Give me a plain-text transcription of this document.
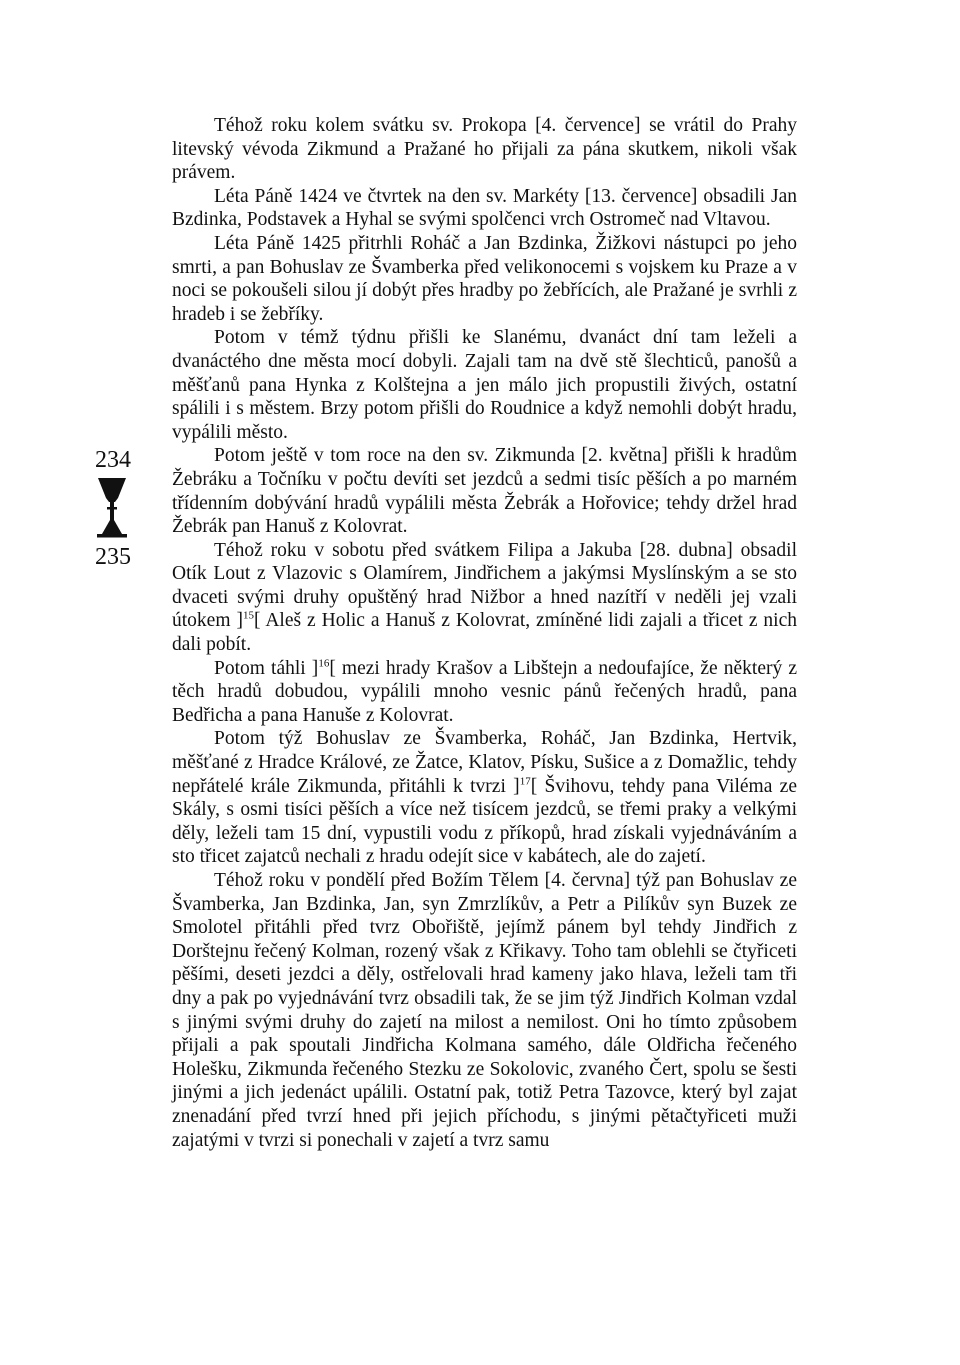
Téhož roku kolem svátku sv. Prokopa [4. července] se vrátil do Prahy litevský vévoda Zikmund a Pražané ho přijali za pána skutkem, nikoli však právem.

Léta Páně 1424 ve čtvrtek na den sv. Markéty [13. července] obsadili Jan Bzdinka, Podstavek a Hyhal se svými spolčenci vrch Ostromeč nad Vltavou.

Léta Páně 1425 přitrhli Roháč a Jan Bzdinka, Žižkovi nástupci po jeho smrti, a pan Bohuslav ze Švamberka před velikonocemi s vojskem ku Praze a v noci se pokoušeli silou jí dobýt přes hradby po žebřících, ale Pražané je svrhli z hradeb i se žebříky.

Potom v témž týdnu přišli ke Slanému, dvanáct dní tam leželi a dvanáctého dne města mocí dobyli. Zajali tam na dvě stě šlechticů, panošů a měšťanů pana Hynka z Kolštejna a jen málo jich propustili živých, ostatní spálili i s městem. Brzy potom přišli do Roudnice a když nemohli dobýt hradu, vypálili město.

Potom ještě v tom roce na den sv. Zikmunda [2. května] přišli k hradům Žebráku a Točníku v počtu devíti set jezdců a sedmi tisíc pěších a po marném třídenním dobývání hradů vypálili města Žebrák a Hořovice; tehdy držel hrad Žebrák pan Hanuš z Kolovrat.

Téhož roku v sobotu před svátkem Filipa a Jakuba [28. dubna] obsadil Otík Lout z Vlazovic s Olamírem, Jindřichem a jakýmsi Myslínským a se sto dvaceti svými druhy opuštěný hrad Nižbor a hned nazítří v neděli jej vzali útokem ]$^{15}$[ Aleš z Holic a Hanuš z Kolovrat, zmíněné lidi zajali a třicet z nich dali pobít.

Potom táhli ]$^{16}$[ mezi hrady Krašov a Libštejn a nedoufajíce, že některý z těch hradů dobudou, vypálili mnoho vesnic pánů řečených hradů, pana Bedřicha a pana Hanuše z Kolovrat.

Potom týž Bohuslav ze Švamberka, Roháč, Jan Bzdinka, Hertvik, měšťané z Hradce Králové, ze Žatce, Klatov, Písku, Sušice a z Domažlic, tehdy nepřátelé krále Zikmunda, přitáhli k tvrzi ]$^{17}$[ Švihovu, tehdy pana Viléma ze Skály, s osmi tisíci pěších a více než tisícem jezdců, se třemi praky a velkými děly, leželi tam 15 dní, vypustili vodu z příkopů, hrad získali vyjednáváním a sto třicet zajatců nechali z hradu odejít sice v kabátech, ale do zajetí.

Téhož roku v pondělí před Božím Tělem [4. června] týž pan Bohuslav ze Švamberka, Jan Bzdinka, Jan, syn Zmrzlíkův, a Petr a Pilíkův syn Buzek ze Smolotel přitáhli před tvrz Obořiště, jejímž pánem byl tehdy Jindřich z Dorštejnu řečený Kolman, rozený však z Křikavy. Toho tam oblehli se čtyřiceti pěšími, deseti jezdci a děly, ostřelovali hrad kameny jako hlava, leželi tam tři dny a pak po vyjednávání tvrz obsadili tak, že se jim týž Jindřich Kolman vzdal s jinými svými druhy do zajetí na milost a nemilost. Oni ho tímto způsobem přijali a pak spoutali Jindřicha Kolmana samého, dále Oldřicha řečeného Holešku, Zikmunda řečeného Stezku ze Sokolovic, zvaného Čert, spolu se šesti jinými a jich jedenáct upálili. Ostatní pak, totiž Petra Tazovce, který byl zajat znenadání před tvrzí hned při jejich příchodu, s jinými pětačtyřiceti muži zajatými v tvrzi si ponechali v zajetí a tvrz samu

234
235
